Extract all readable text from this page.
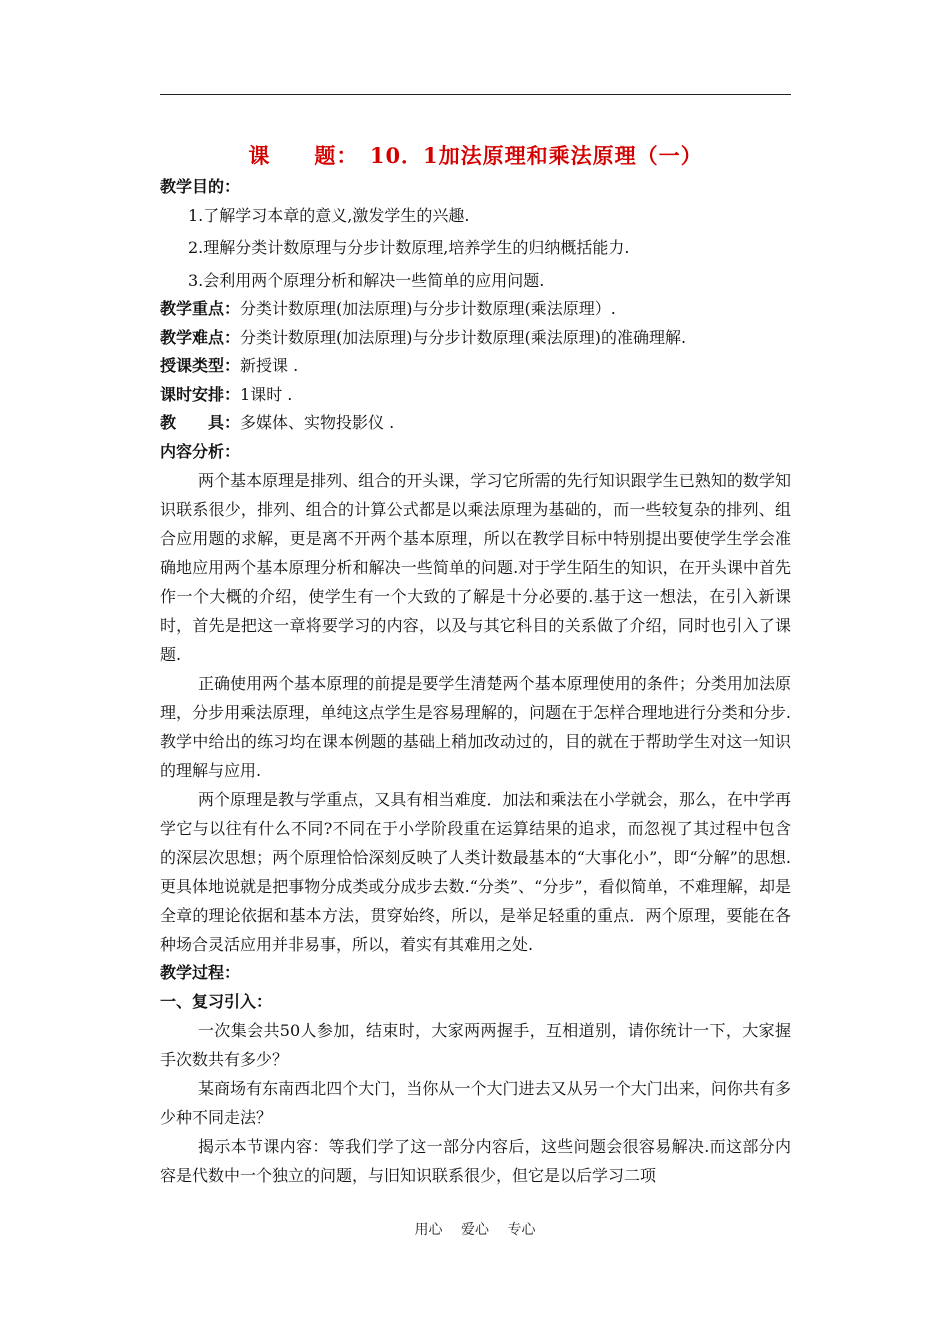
课　　题：　10．1加法原理和乘法原理（一）

教学目的：

1.了解学习本章的意义,激发学生的兴趣.

2.理解分类计数原理与分步计数原理,培养学生的归纳概括能力.

3.会利用两个原理分析和解决一些简单的应用问题.

教学重点：分类计数原理(加法原理)与分步计数原理(乘法原理）.

教学难点：分类计数原理(加法原理)与分步计数原理(乘法原理)的准确理解.

授课类型：新授课 .

课时安排：1课时 .

教　　具：多媒体、实物投影仪 .

内容分析：

两个基本原理是排列、组合的开头课，学习它所需的先行知识跟学生已熟知的数学知识联系很少，排列、组合的计算公式都是以乘法原理为基础的，而一些较复杂的排列、组合应用题的求解，更是离不开两个基本原理，所以在教学目标中特别提出要使学生学会准确地应用两个基本原理分析和解决一些简单的问题.对于学生陌生的知识，在开头课中首先作一个大概的介绍，使学生有一个大致的了解是十分必要的.基于这一想法，在引入新课时，首先是把这一章将要学习的内容，以及与其它科目的关系做了介绍，同时也引入了课题.

正确使用两个基本原理的前提是要学生清楚两个基本原理使用的条件；分类用加法原理，分步用乘法原理，单纯这点学生是容易理解的，问题在于怎样合理地进行分类和分步.教学中给出的练习均在课本例题的基础上稍加改动过的，目的就在于帮助学生对这一知识的理解与应用.

两个原理是教与学重点，又具有相当难度．加法和乘法在小学就会，那么，在中学再学它与以往有什么不同?不同在于小学阶段重在运算结果的追求，而忽视了其过程中包含的深层次思想；两个原理恰恰深刻反映了人类计数最基本的“大事化小”，即“分解”的思想.更具体地说就是把事物分成类或分成步去数.“分类”、“分步”，看似简单，不难理解，却是全章的理论依据和基本方法，贯穿始终，所以，是举足轻重的重点．两个原理，要能在各种场合灵活应用并非易事，所以，着实有其难用之处.

教学过程：

一、复习引入：

一次集会共50人参加，结束时，大家两两握手，互相道别，请你统计一下，大家握手次数共有多少？

某商场有东南西北四个大门，当你从一个大门进去又从另一个大门出来，问你共有多少种不同走法？

揭示本节课内容：等我们学了这一部分内容后，这些问题会很容易解决.而这部分内容是代数中一个独立的问题，与旧知识联系很少，但它是以后学习二项

用心 爱心 专心
